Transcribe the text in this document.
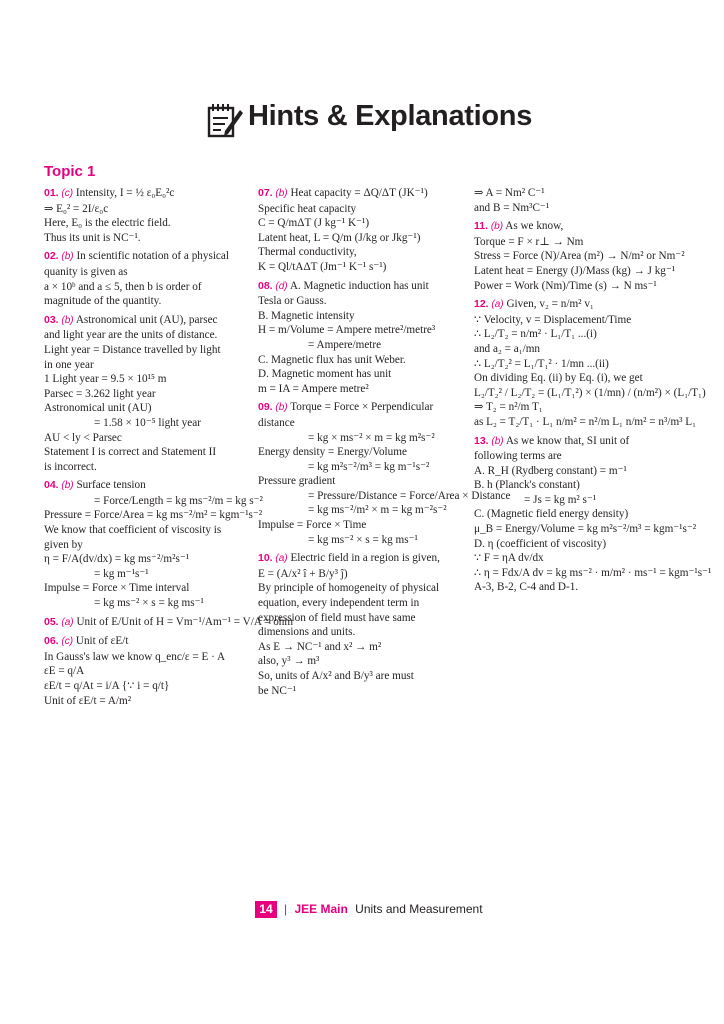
Hints & Explanations
Topic 1
01. (c) Intensity, I = ½ ε₀E₀²c
⇒ E₀² = 2I/ε₀c
Here, E₀ is the electric field.
Thus its unit is NC⁻¹.
02. (b) In scientific notation of a physical
quanity is given as
a × 10ᵇ and a ≤ 5, then b is order of
magnitude of the quantity.
03. (b) Astronomical unit (AU), parsec
and light year are the units of distance.
Light year = Distance travelled by light
in one year
1 Light year = 9.5 × 10¹⁵ m
Parsec = 3.262 light year
Astronomical unit (AU)
= 1.58 × 10⁻⁵ light year
AU < ly < Parsec
Statement I is correct and Statement II
is incorrect.
04. (b) Surface tension
= Force/Length = kg ms⁻²/m = kg s⁻²
Pressure = Force/Area = kg ms⁻²/m² = kgm⁻¹s⁻²
We know that coefficient of viscosity is
given by
η = F/A(dv/dx) = kg ms⁻²/m²s⁻¹
= kg m⁻¹s⁻¹
Impulse = Force × Time interval
= kg ms⁻² × s = kg ms⁻¹
05. (a) Unit of E/Unit of H = Vm⁻¹/Am⁻¹ = V/A = ohm
06. (c) Unit of εE/t
In Gauss's law we know q_enc/ε = E · A
εE = q/A
εE/t = q/At = i/A {∵ i = q/t}
Unit of εE/t = A/m²
07. (b) Heat capacity = ΔQ/ΔT (JK⁻¹)
Specific heat capacity
C = Q/mΔT (J kg⁻¹ K⁻¹)
Latent heat, L = Q/m (J/kg or Jkg⁻¹)
Thermal conductivity,
K = Ql/tAΔT (Jm⁻¹ K⁻¹ s⁻¹)
08. (d) A. Magnetic induction has unit
Tesla or Gauss.
B. Magnetic intensity
H = m/Volume = Ampere metre²/metre³
= Ampere/metre
C. Magnetic flux has unit Weber.
D. Magnetic moment has unit
m = IA = Ampere metre²
09. (b) Torque = Force × Perpendicular
distance
= kg × ms⁻² × m = kg m²s⁻²
Energy density = Energy/Volume
= kg m²s⁻²/m³ = kg m⁻¹s⁻²
Pressure gradient
= Pressure/Distance = Force/Area × Distance
= kg ms⁻²/m² × m = kg m⁻²s⁻²
Impulse = Force × Time
= kg ms⁻² × s = kg ms⁻¹
10. (a) Electric field in a region is given,
E = (A/x² î + B/y³ ĵ)
By principle of homogeneity of physical
equation, every independent term in
expression of field must have same
dimensions and units.
As E → NC⁻¹ and x² → m²
also, y³ → m³
So, units of A/x² and B/y³ are must
be NC⁻¹
⇒ A = Nm² C⁻¹
and B = Nm³C⁻¹
11. (b) As we know,
Torque = F × r⊥ → Nm
Stress = Force (N)/Area (m²) → N/m² or Nm⁻²
Latent heat = Energy (J)/Mass (kg) → J kg⁻¹
Power = Work (Nm)/Time (s) → N ms⁻¹
12. (a) Given, v₂ = n/m² v₁
∵ Velocity, v = Displacement/Time
∴ L₂/T₂ = n/m² · L₁/T₁ ...(i)
and a₂ = a₁/mn
∴ L₂/T₂² = L₁/T₁² · 1/mn ...(ii)
On dividing Eq. (ii) by Eq. (i), we get
L₂/T₂² / L₂/T₂ = (L₁/T₁²) × (1/mn) / (n/m²) × (L₁/T₁)
⇒ T₂ = n²/m T₁
as L₂ = T₂/T₁ · L₁ n/m² = n²/m L₁ n/m² = n³/m³ L₁
13. (b) As we know that, SI unit of
following terms are
A. R_H (Rydberg constant) = m⁻¹
B. h (Planck's constant)
= Js = kg m² s⁻¹
C. (Magnetic field energy density)
μ_B = Energy/Volume = kg m²s⁻²/m³ = kgm⁻¹s⁻²
D. η (coefficient of viscosity)
∵ F = ηA dv/dx
∴ η = Fdx/A dv = kg ms⁻² · m/m² · ms⁻¹ = kgm⁻¹s⁻¹
A-3, B-2, C-4 and D-1.
14 | JEE Main Units and Measurement
